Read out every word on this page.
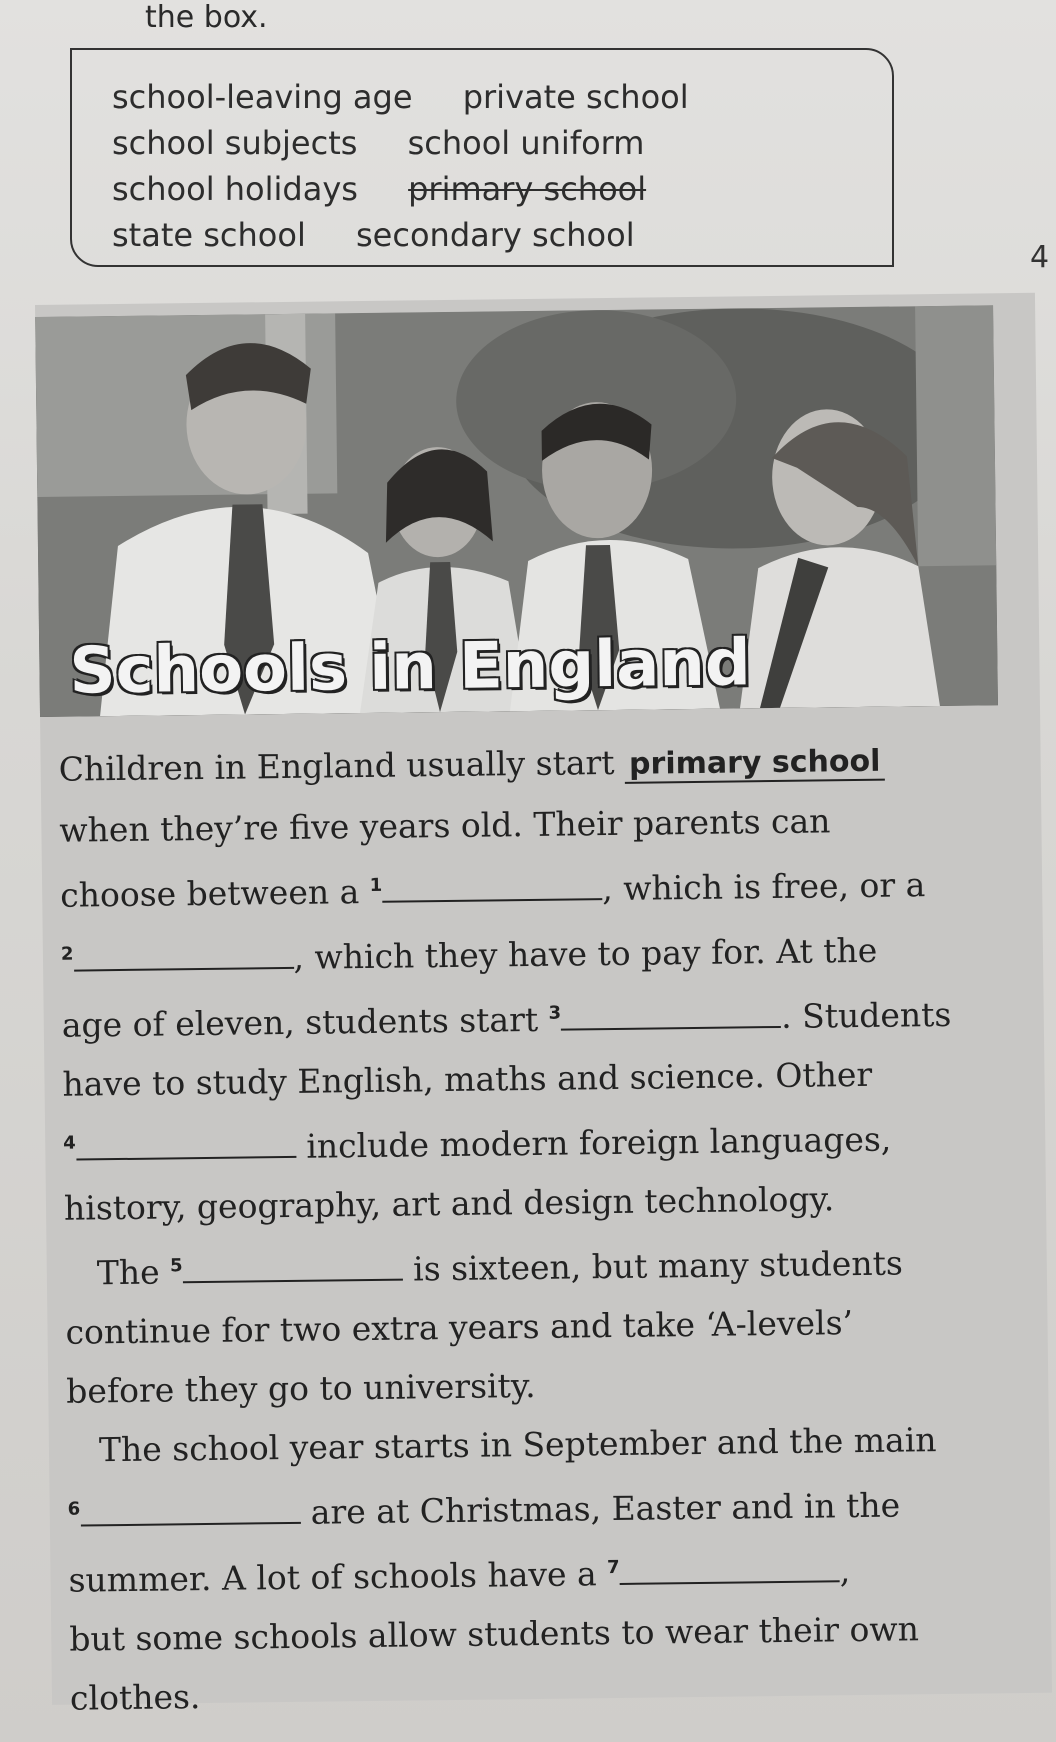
the box.
school-leaving age private school
school subjects school uniform
school holidays primary school
state school secondary school
4
Schools in England

Children in England usually start primary school
when they’re five years old. Their parents can
choose between a $^1$	, which is free, or a
$^2$	, which they have to pay for. At the
age of eleven, students start $^3$	. Students
have to study English, maths and science. Other
$^4$	include modern foreign languages,
history, geography, art and design technology.

The $^5$	is sixteen, but many students

continue for two extra years and take ‘A-levels’
before they go to university.

The school year starts in September and the main

$^6$	are at Christmas, Easter and in the
summer. A lot of schools have a $^7$	,
but some schools allow students to wear their own
clothes.
